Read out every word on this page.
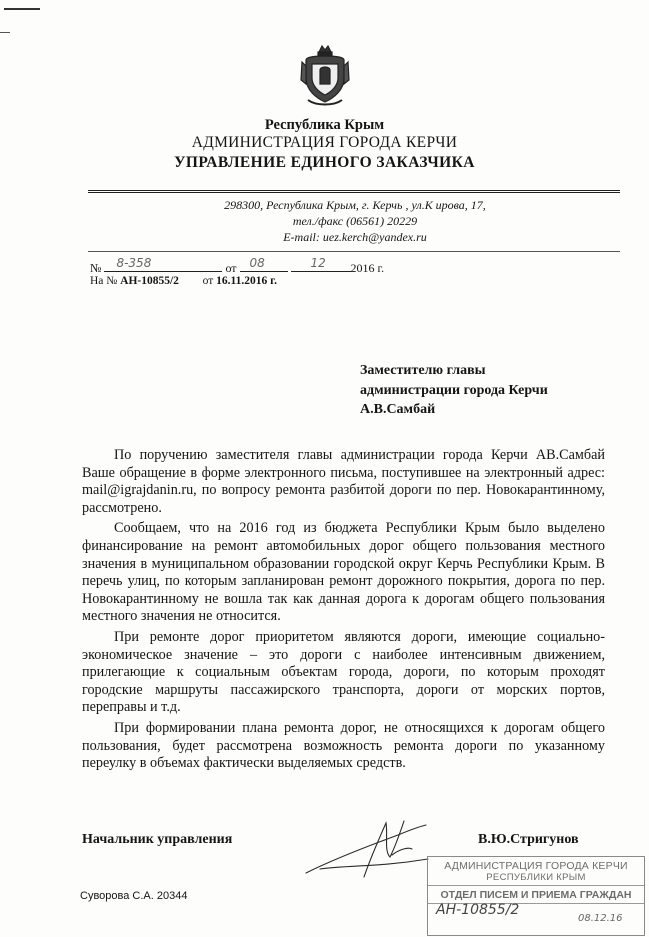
Республика Крым
АДМИНИСТРАЦИЯ ГОРОДА КЕРЧИ
УПРАВЛЕНИЕ ЕДИНОГО ЗАКАЗЧИКА
298300, Республика Крым, г. Керчь , ул.К ирова, 17,
тел./факс (06561) 20229
E-mail: uez.kerch@yandex.ru
№ 8-358	от 08
	12 2016 г.
На № АН-10855/2 от 16.11.2016 г.
Заместителю главы
администрации города Керчи
А.В.Самбай

По поручению заместителя главы администрации города Керчи АВ.Самбай Ваше обращение в форме электронного письма, поступившее на электронный адрес: mail@igrajdanin.ru, по вопросу ремонта разбитой дороги по пер. Новокарантинному, рассмотрено.

Сообщаем, что на 2016 год из бюджета Республики Крым было выделено финансирование на ремонт автомобильных дорог общего пользования местного значения в муниципальном образовании городской округ Керчь Республики Крым. В перечь улиц, по которым запланирован ремонт дорожного покрытия, дорога по пер. Новокарантинному не вошла так как данная дорога к дорогам общего пользования местного значения не относится.

При ремонте дорог приоритетом являются дороги, имеющие социально-экономическое значение – это дороги с наиболее интенсивным движением, прилегающие к социальным объектам города, дороги, по которым проходят городские маршруты пассажирского транспорта, дороги от морских портов, переправы и т.д.

При формировании плана ремонта дорог, не относящихся к дорогам общего пользования, будет рассмотрена возможность ремонта дороги по указанному переулку в объемах фактически выделяемых средств.

Начальник управления	В.Ю.Стригунов
Суворова С.А. 20344
АДМИНИСТРАЦИЯ ГОРОДА КЕРЧИ
РЕСПУБЛИКИ КРЫМ
ОТДЕЛ ПИСЕМ И ПРИЕМА ГРАЖДАН
АН-10855/2
08.12.16
